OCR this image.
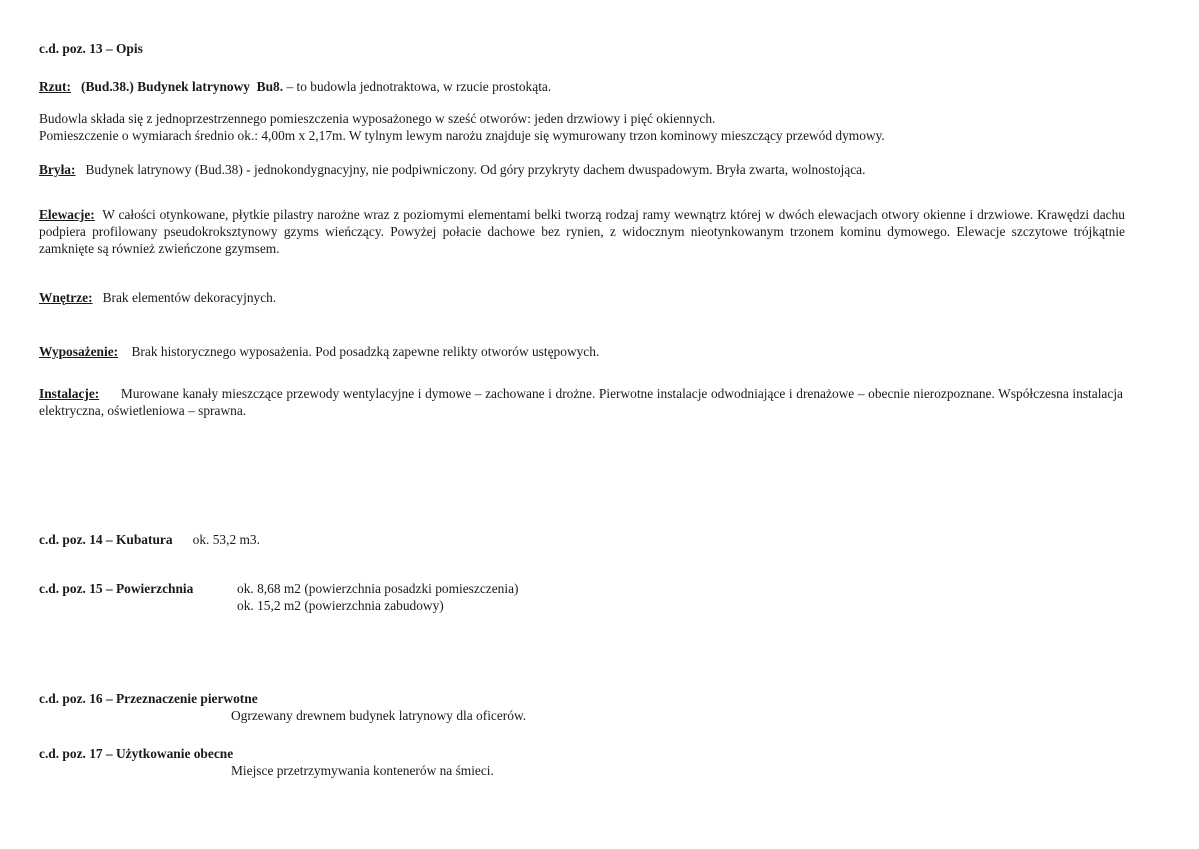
c.d. poz. 13 – Opis
Rzut: (Bud.38.) Budynek latrynowy Bu8. – to budowla jednotraktowa, w rzucie prostokąta.

Budowla składa się z jednoprzestrzennego pomieszczenia wyposażonego w sześć otworów: jeden drzwiowy i pięć okiennych.

Pomieszczenie o wymiarach średnio ok.: 4,00m x 2,17m. W tylnym lewym narożu znajduje się wymurowany trzon kominowy mieszczący przewód dymowy.

Bryła: Budynek latrynowy (Bud.38) - jednokondygnacyjny, nie podpiwniczony. Od góry przykryty dachem dwuspadowym. Bryła zwarta, wolnostojąca.
Elewacje: W całości otynkowane, płytkie pilastry narożne wraz z poziomymi elementami belki tworzą rodzaj ramy wewnątrz której w dwóch elewacjach otwory okienne i drzwiowe. Krawędzi dachu podpiera profilowany pseudokroksztynowy gzyms wieńczący. Powyżej połacie dachowe bez rynien, z widocznym nieotynkowanym trzonem kominu dymowego. Elewacje szczytowe trójkątnie zamknięte są również zwieńczone gzymsem.
Wnętrze: Brak elementów dekoracyjnych.
Wyposażenie: Brak historycznego wyposażenia. Pod posadzką zapewne relikty otworów ustępowych.
Instalacje: Murowane kanały mieszczące przewody wentylacyjne i dymowe – zachowane i drożne. Pierwotne instalacje odwodniające i drenażowe – obecnie nierozpoznane. Współczesna instalacja elektryczna, oświetleniowa – sprawna.
c.d. poz. 14 – Kubatura ok. 53,2 m3.
c.d. poz. 15 – Powierzchnia	ok. 8,68 m2 (powierzchnia posadzki pomieszczenia)

ok. 15,2 m2 (powierzchnia zabudowy)

c.d. poz. 16 – Przeznaczenie pierwotne
Ogrzewany drewnem budynek latrynowy dla oficerów.
c.d. poz. 17 – Użytkowanie obecne
Miejsce przetrzymywania kontenerów na śmieci.
